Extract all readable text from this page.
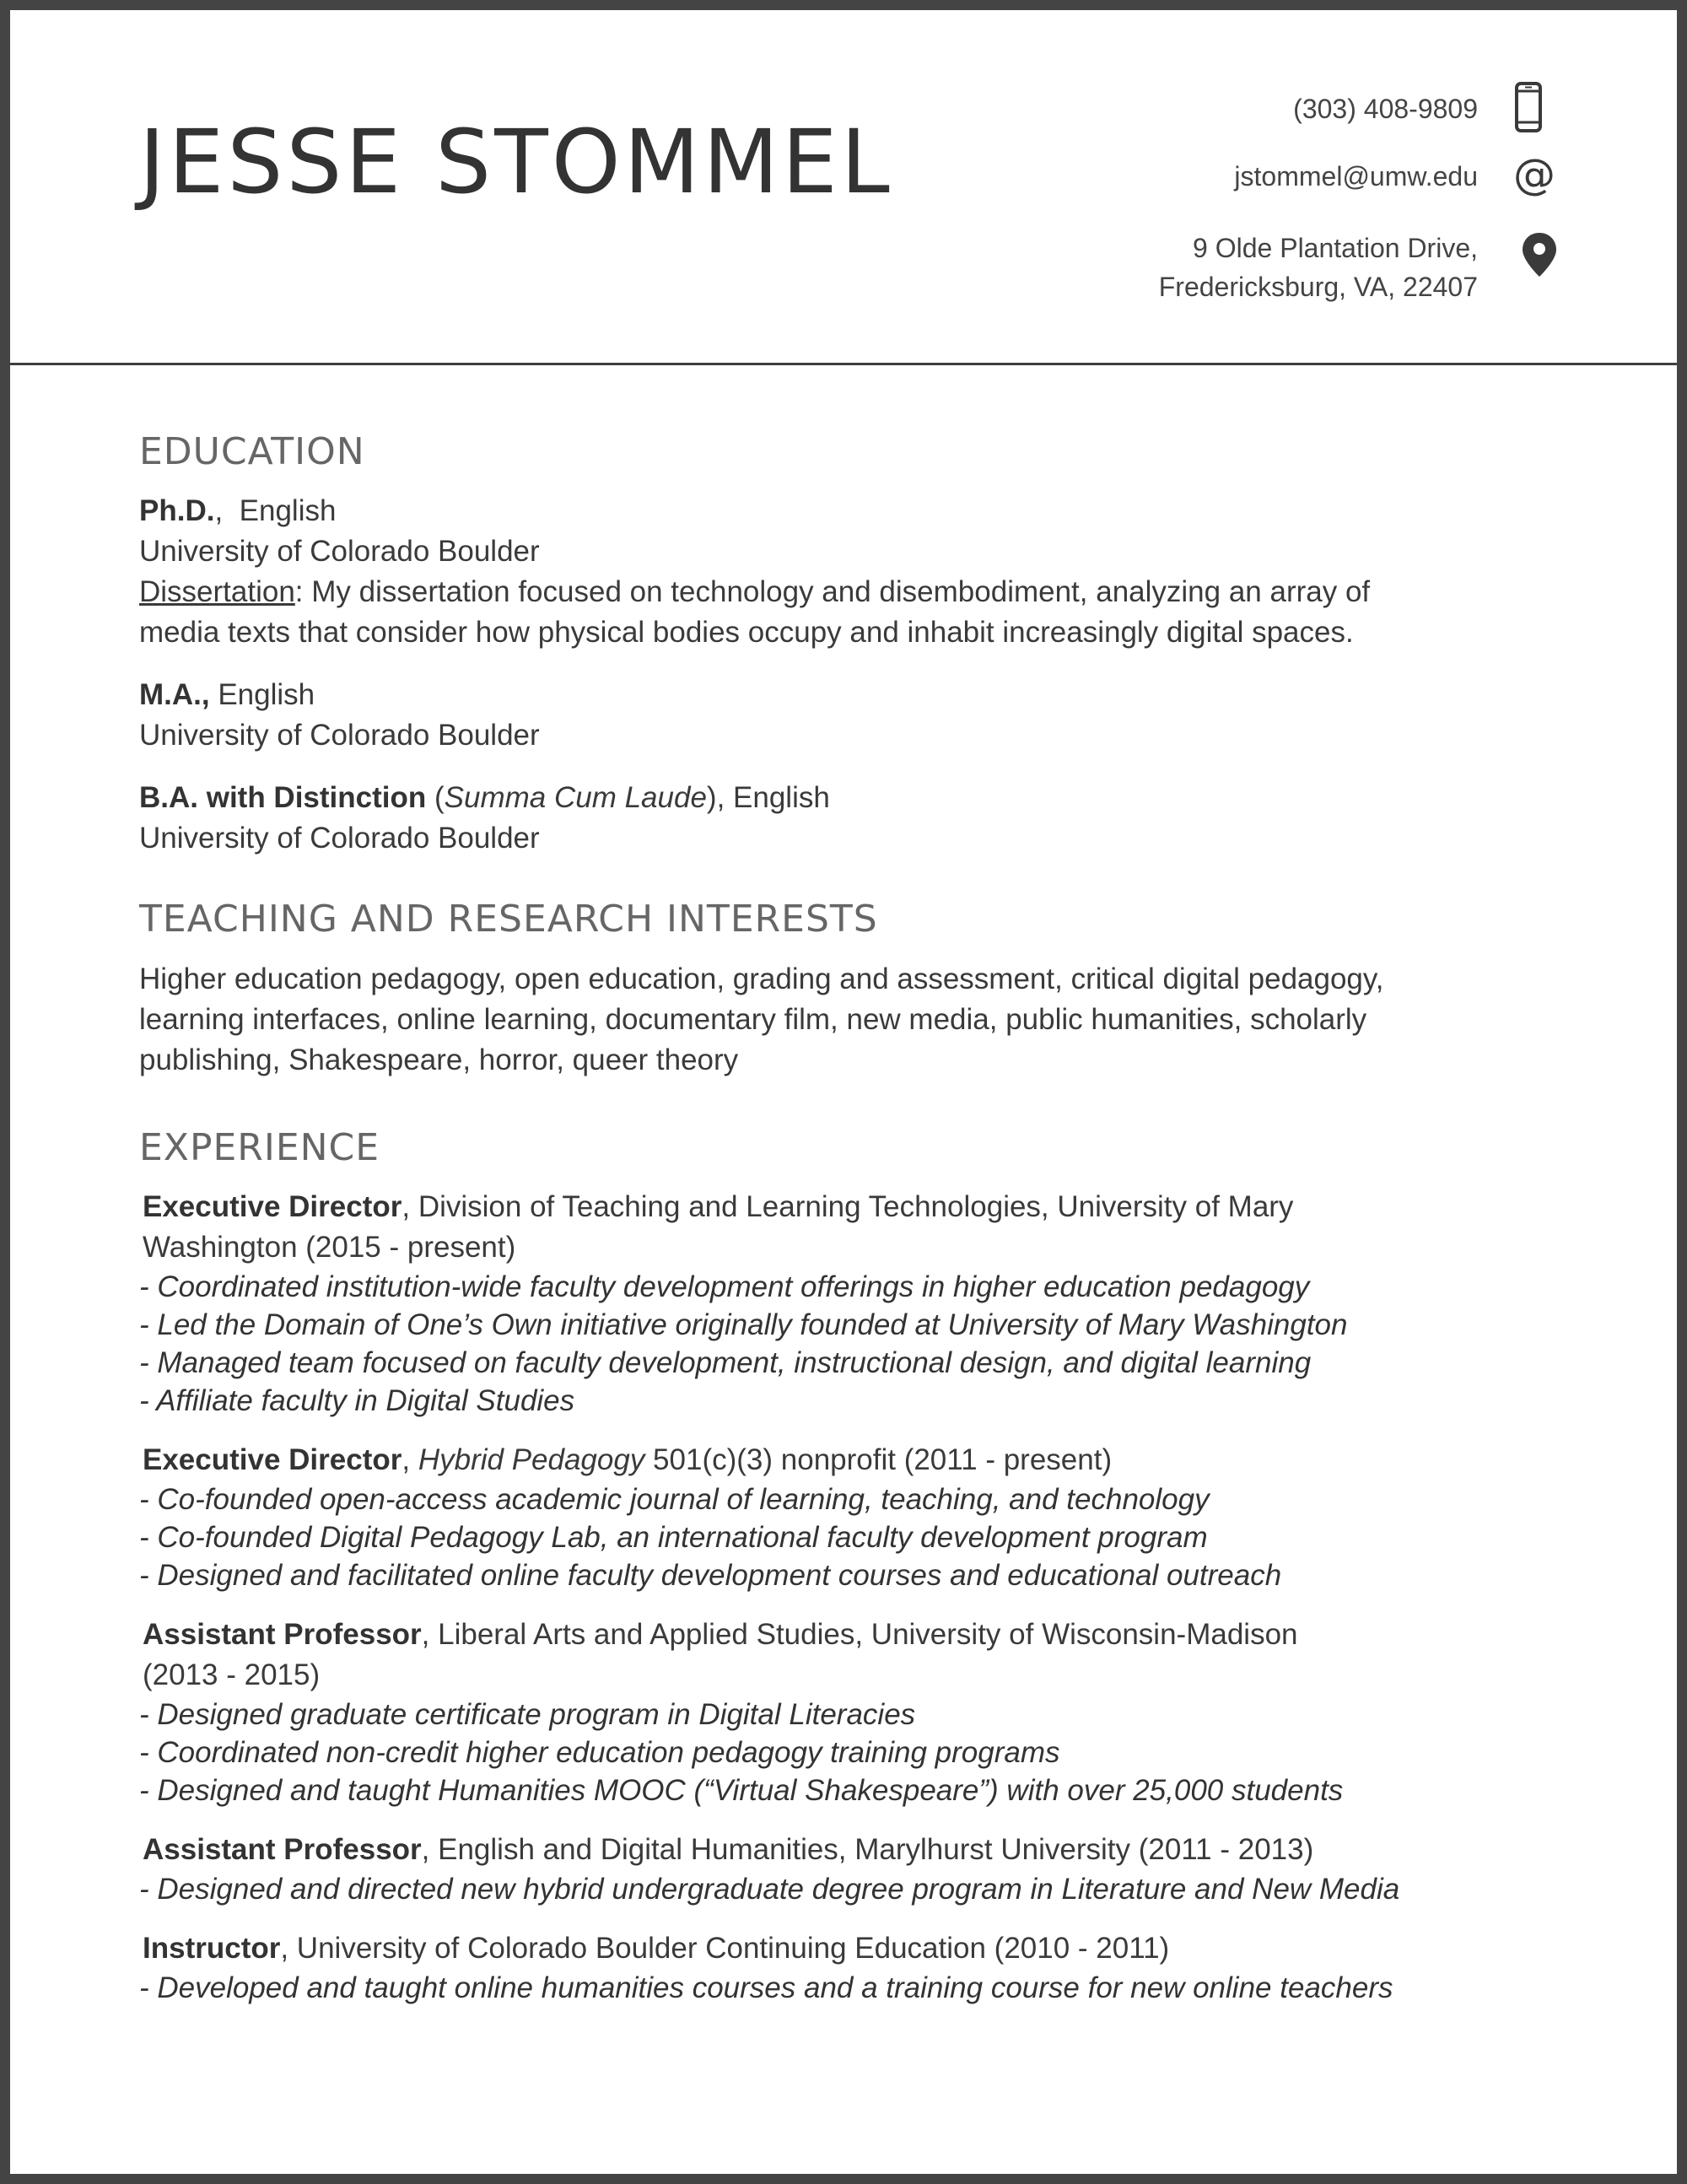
JESSE STOMMEL
(303) 408-9809
jstommel@umw.edu @
9 Olde Plantation Drive,
Fredericksburg, VA, 22407
EDUCATION

Ph.D.,  English

University of Colorado Boulder

Dissertation: My dissertation focused on technology and disembodiment, analyzing an array of

media texts that consider how physical bodies occupy and inhabit increasingly digital spaces.

M.A., English

University of Colorado Boulder

B.A. with Distinction (Summa Cum Laude), English

University of Colorado Boulder

TEACHING AND RESEARCH INTERESTS

Higher education pedagogy, open education, grading and assessment, critical digital pedagogy,

learning interfaces, online learning, documentary film, new media, public humanities, scholarly

publishing, Shakespeare, horror, queer theory

EXPERIENCE

Executive Director, Division of Teaching and Learning Technologies, University of Mary

Washington (2015 - present)

- Coordinated institution-wide faculty development offerings in higher education pedagogy

- Led the Domain of One’s Own initiative originally founded at University of Mary Washington

- Managed team focused on faculty development, instructional design, and digital learning

- Affiliate faculty in Digital Studies

Executive Director, Hybrid Pedagogy 501(c)(3) nonprofit (2011 - present)

- Co-founded open-access academic journal of learning, teaching, and technology

- Co-founded Digital Pedagogy Lab, an international faculty development program

- Designed and facilitated online faculty development courses and educational outreach

Assistant Professor, Liberal Arts and Applied Studies, University of Wisconsin-Madison

(2013 - 2015)

- Designed graduate certificate program in Digital Literacies

- Coordinated non-credit higher education pedagogy training programs

- Designed and taught Humanities MOOC (“Virtual Shakespeare”) with over 25,000 students

Assistant Professor, English and Digital Humanities, Marylhurst University (2011 - 2013)

- Designed and directed new hybrid undergraduate degree program in Literature and New Media

Instructor, University of Colorado Boulder Continuing Education (2010 - 2011)

- Developed and taught online humanities courses and a training course for new online teachers
